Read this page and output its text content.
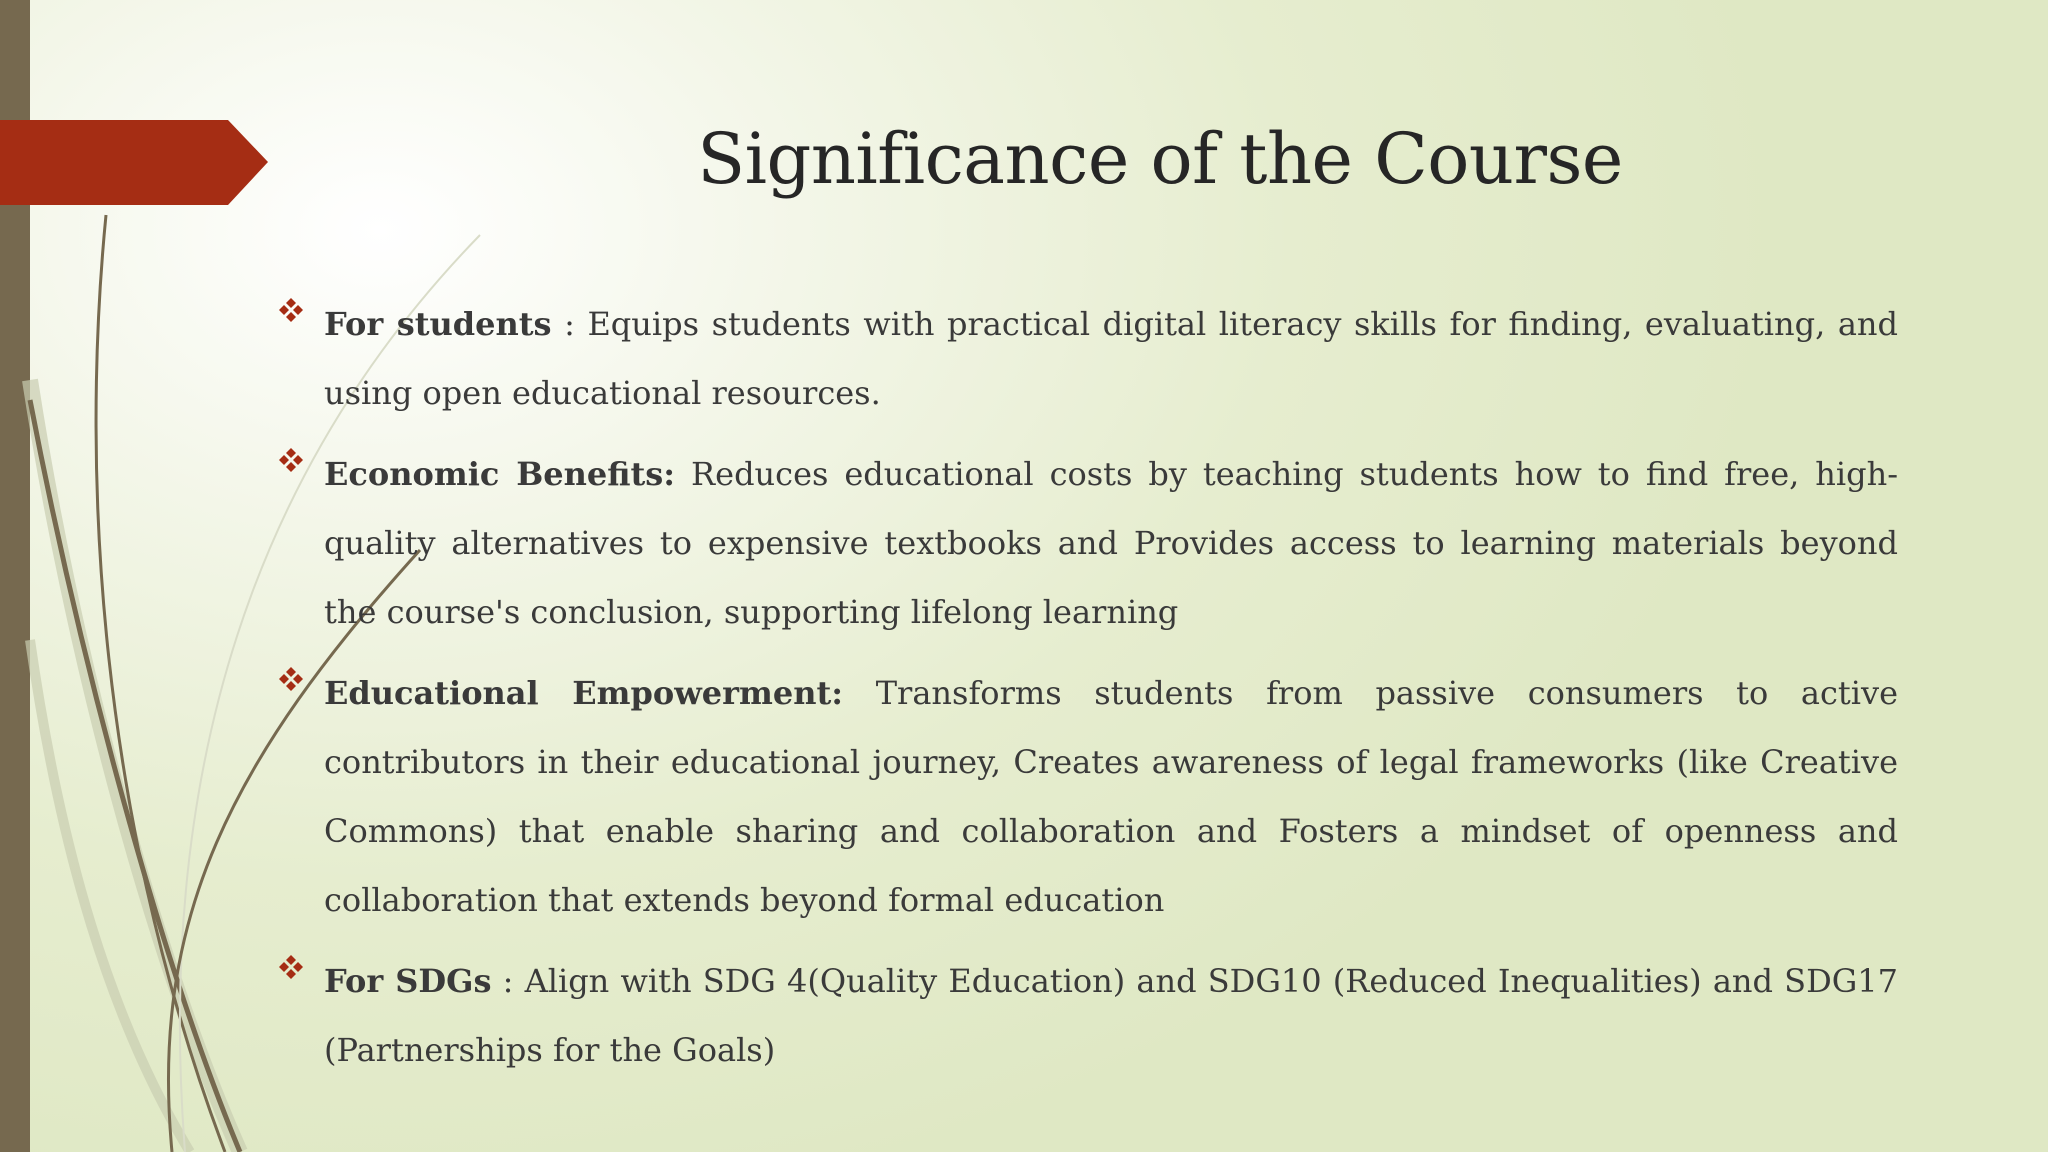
Significance of the Course
For students : Equips students with practical digital literacy skills for finding, evaluating, and using open educational resources.
Economic Benefits: Reduces educational costs by teaching students how to find free, high-quality alternatives to expensive textbooks and Provides access to learning materials beyond the course's conclusion, supporting lifelong learning
Educational Empowerment: Transforms students from passive consumers to active contributors in their educational journey, Creates awareness of legal frameworks (like Creative Commons) that enable sharing and collaboration and Fosters a mindset of openness and collaboration that extends beyond formal education
For SDGs : Align with SDG 4(Quality Education) and SDG10 (Reduced Inequalities) and SDG17 (Partnerships for the Goals)
